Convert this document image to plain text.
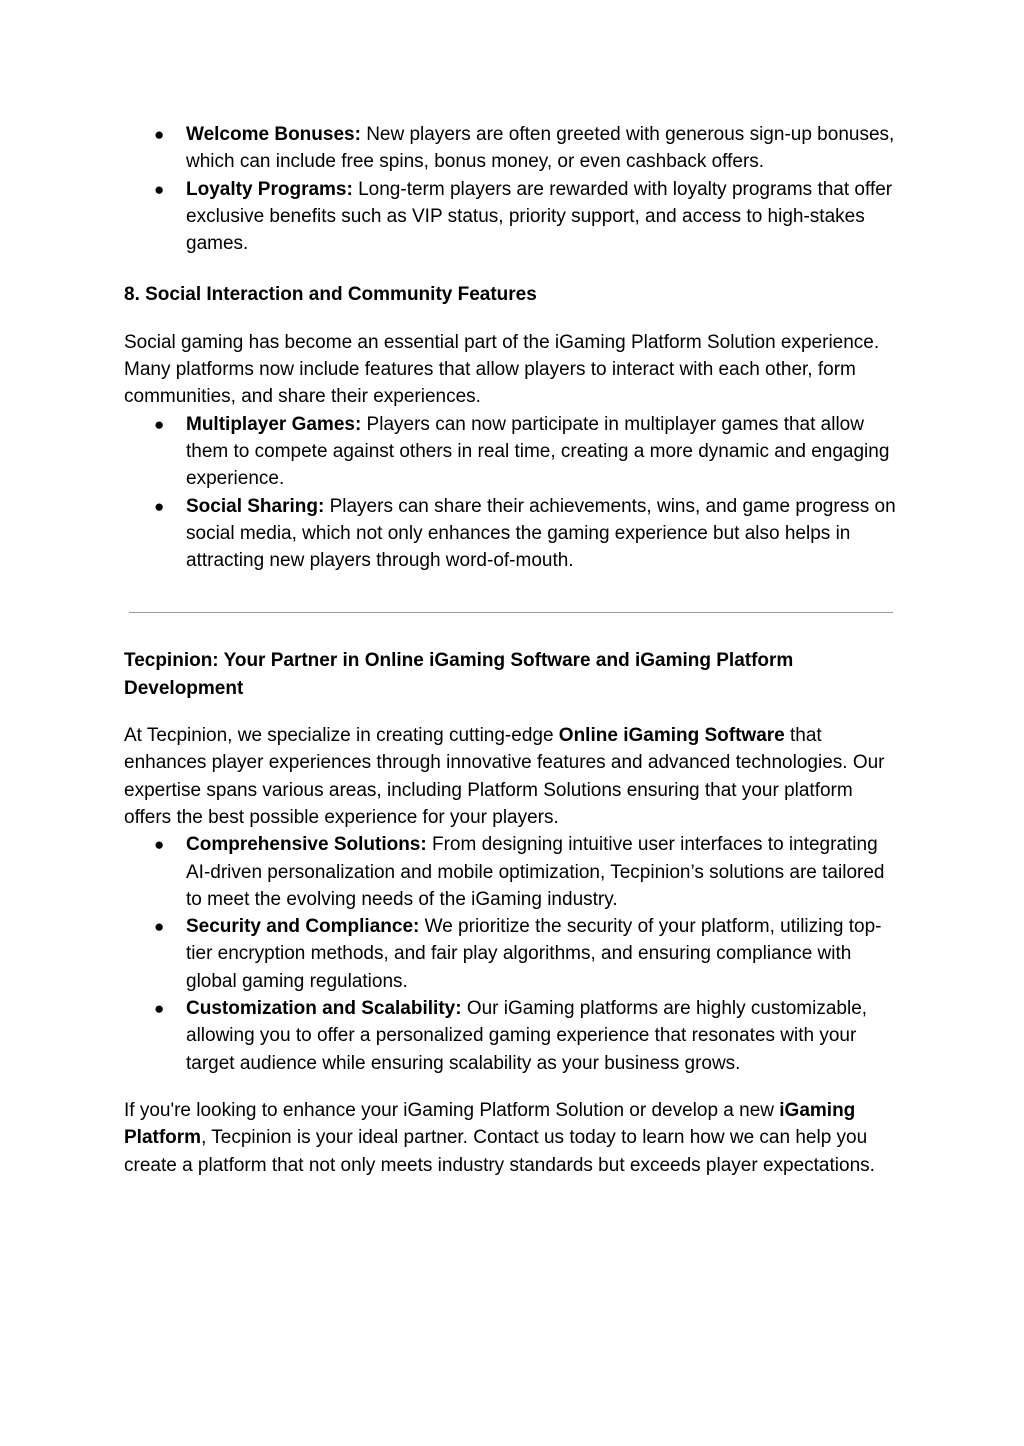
● Welcome Bonuses: New players are often greeted with generous sign-up bonuses, which can include free spins, bonus money, or even cashback offers.
● Loyalty Programs: Long-term players are rewarded with loyalty programs that offer exclusive benefits such as VIP status, priority support, and access to high-stakes games.
8. Social Interaction and Community Features

Social gaming has become an essential part of the iGaming Platform Solution experience. Many platforms now include features that allow players to interact with each other, form communities, and share their experiences.

● Multiplayer Games: Players can now participate in multiplayer games that allow them to compete against others in real time, creating a more dynamic and engaging experience.
● Social Sharing: Players can share their achievements, wins, and game progress on social media, which not only enhances the gaming experience but also helps in attracting new players through word-of-mouth.
Tecpinion: Your Partner in Online iGaming Software and iGaming Platform Development

At Tecpinion, we specialize in creating cutting-edge Online iGaming Software that enhances player experiences through innovative features and advanced technologies. Our expertise spans various areas, including Platform Solutions ensuring that your platform offers the best possible experience for your players.

● Comprehensive Solutions: From designing intuitive user interfaces to integrating AI-driven personalization and mobile optimization, Tecpinion’s solutions are tailored to meet the evolving needs of the iGaming industry.
● Security and Compliance: We prioritize the security of your platform, utilizing top-tier encryption methods, and fair play algorithms, and ensuring compliance with global gaming regulations.
● Customization and Scalability: Our iGaming platforms are highly customizable, allowing you to offer a personalized gaming experience that resonates with your target audience while ensuring scalability as your business grows.

If you're looking to enhance your iGaming Platform Solution or develop a new iGaming Platform, Tecpinion is your ideal partner. Contact us today to learn how we can help you create a platform that not only meets industry standards but exceeds player expectations.
